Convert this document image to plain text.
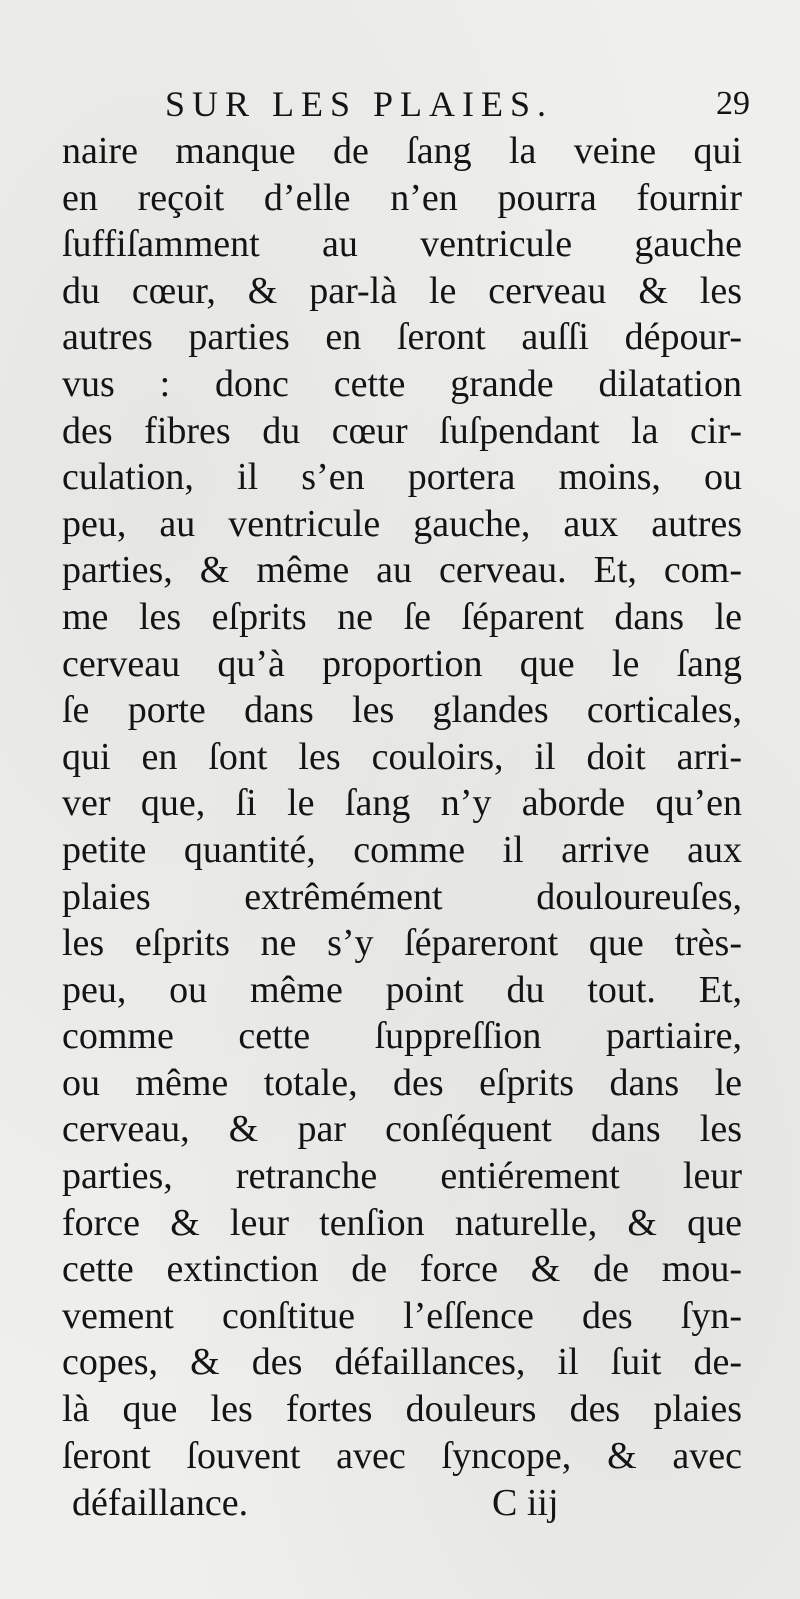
SUR LES PLAIES.	29
naire manque de ſang la veine qui
en reçoit d’elle n’en pourra fournir
ſuffiſamment au ventricule gauche
du cœur, & par-là le cerveau & les
autres parties en ſeront auſſi dépour-
vus : donc cette grande dilatation
des fibres du cœur ſuſpendant la cir-
culation, il s’en portera moins, ou
peu, au ventricule gauche, aux autres
parties, & même au cerveau. Et, com-
me les eſprits ne ſe ſéparent dans le
cerveau qu’à proportion que le ſang
ſe porte dans les glandes corticales,
qui en ſont les couloirs, il doit arri-
ver que, ſi le ſang n’y aborde qu’en
petite quantité, comme il arrive aux
plaies extrêmément douloureuſes,
les eſprits ne s’y ſépareront que très-
peu, ou même point du tout. Et,
comme cette ſuppreſſion partiaire,
ou même totale, des eſprits dans le
cerveau, & par conſéquent dans les
parties, retranche entiérement leur
force & leur tenſion naturelle, & que
cette extinction de force & de mou-
vement conſtitue l’eſſence des ſyn-
copes, & des défaillances, il ſuit de-
là que les fortes douleurs des plaies
ſeront ſouvent avec ſyncope, & avec
défaillance.	C iij
